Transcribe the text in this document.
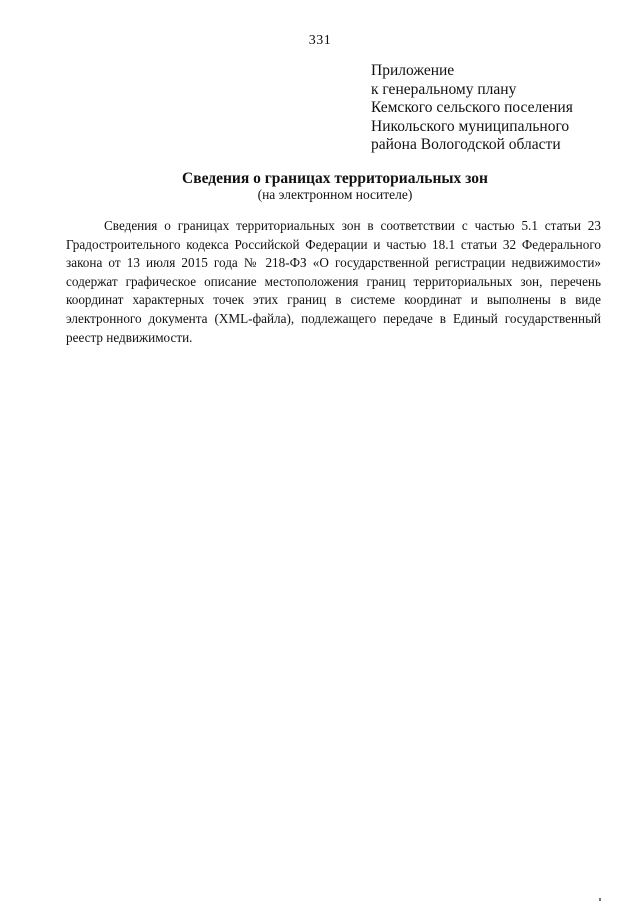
331
Приложение
к генеральному плану
Кемского сельского поселения
Никольского муниципального
района Вологодской области
Сведения о границах территориальных зон
(на электронном носителе)

Сведения о границах территориальных зон в соответствии с частью 5.1 статьи 23 Градостроительного кодекса Российской Федерации и частью 18.1 статьи 32 Федерального закона от 13 июля 2015 года № 218-ФЗ «О государственной регистрации недвижимости» содержат графическое описание местоположения границ территориальных зон, перечень координат характерных точек этих границ в системе координат и выполнены в виде электронного документа (XML-файла), подлежащего передаче в Единый государственный реестр недвижимости.
